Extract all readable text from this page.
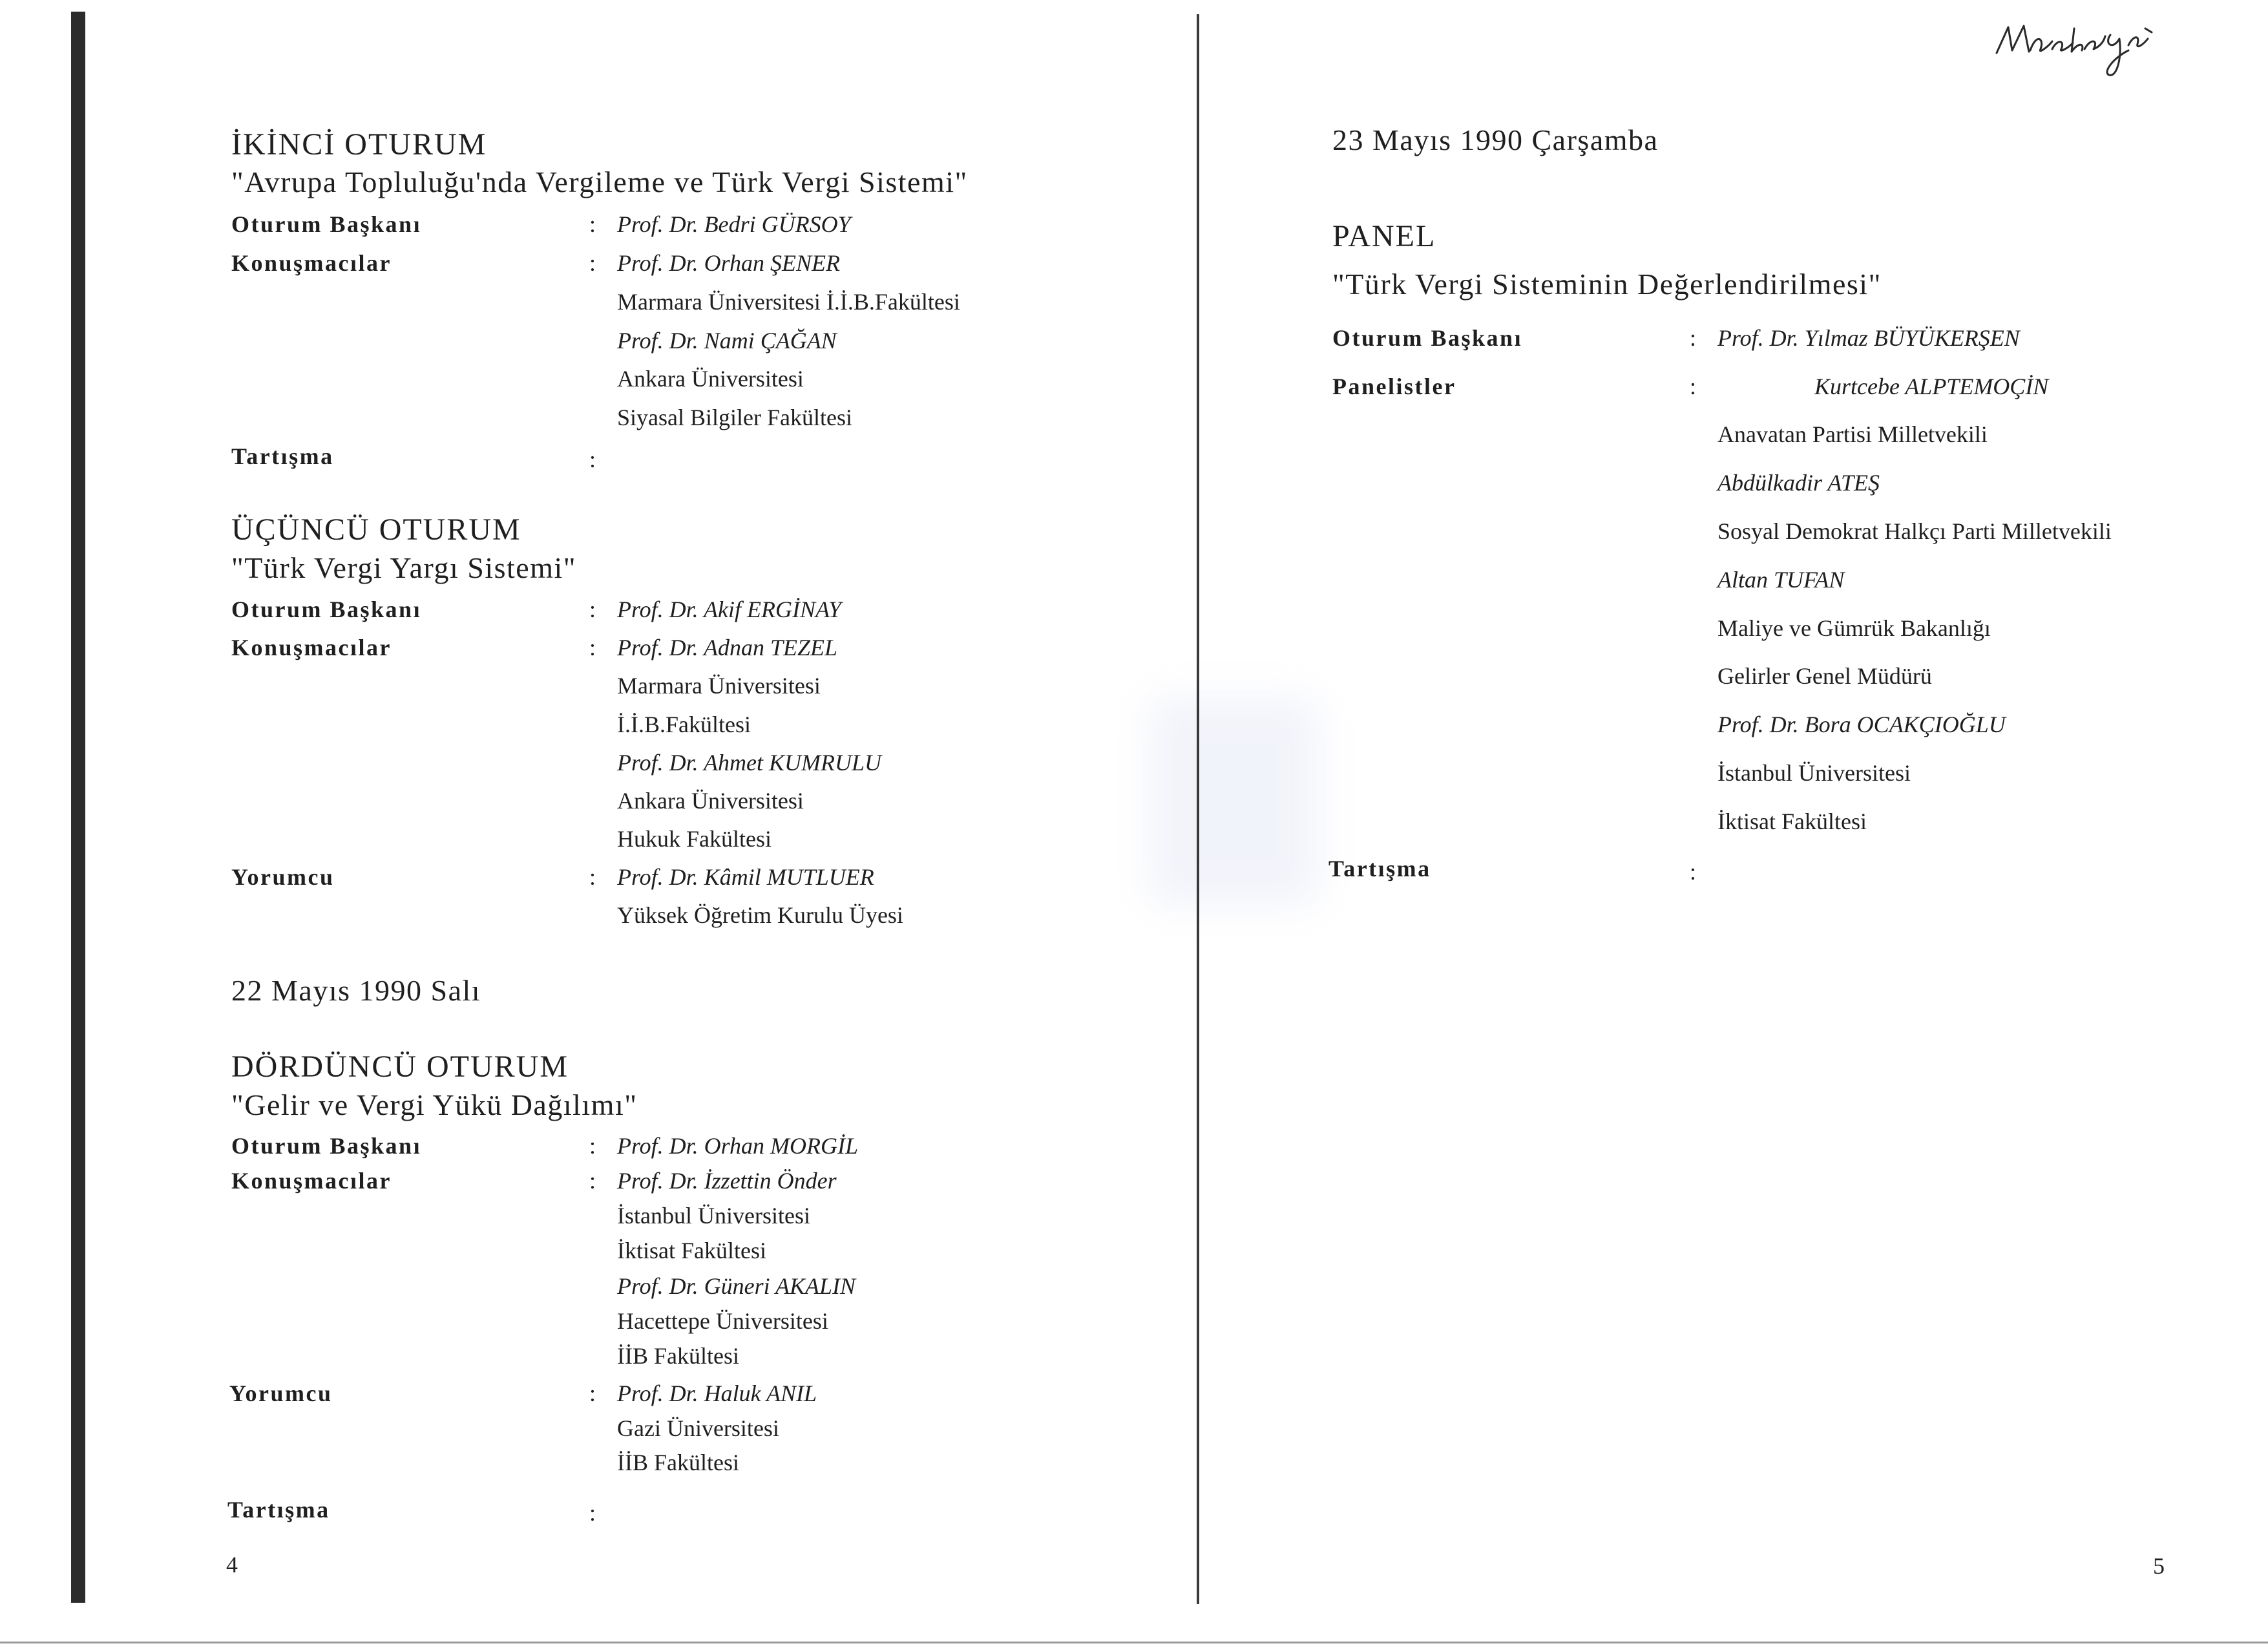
İKİNCİ OTURUM
"Avrupa Topluluğu'nda Vergileme ve Türk Vergi Sistemi"
Oturum Başkanı	: Prof. Dr. Bedri GÜRSOY
Konuşmacılar	: Prof. Dr. Orhan ŞENER
Marmara Üniversitesi İ.İ.B.Fakültesi
Prof. Dr. Nami ÇAĞAN
Ankara Üniversitesi
Siyasal Bilgiler Fakültesi
Tartışma	:
ÜÇÜNCÜ OTURUM
"Türk Vergi Yargı Sistemi"
Oturum Başkanı	: Prof. Dr. Akif ERGİNAY
Konuşmacılar	: Prof. Dr. Adnan TEZEL
Marmara Üniversitesi
İ.İ.B.Fakültesi
Prof. Dr. Ahmet KUMRULU
Ankara Üniversitesi
Hukuk Fakültesi
Yorumcu	: Prof. Dr. Kâmil MUTLUER
Yüksek Öğretim Kurulu Üyesi
22 Mayıs 1990 Salı
DÖRDÜNCÜ OTURUM
"Gelir ve Vergi Yükü Dağılımı"
Oturum Başkanı	: Prof. Dr. Orhan MORGİL
Konuşmacılar	: Prof. Dr. İzzettin Önder
İstanbul Üniversitesi
İktisat Fakültesi
Prof. Dr. Güneri AKALIN
Hacettepe Üniversitesi
İİB Fakültesi
Yorumcu	: Prof. Dr. Haluk ANIL
Gazi Üniversitesi
İİB Fakültesi
Tartışma	:
4
23 Mayıs 1990 Çarşamba
PANEL
"Türk Vergi Sisteminin Değerlendirilmesi"
Oturum Başkanı	: Prof. Dr. Yılmaz BÜYÜKERŞEN
Panelistler	:	Kurtcebe ALPTEMOÇİN
Anavatan Partisi Milletvekili
Abdülkadir ATEŞ
Sosyal Demokrat Halkçı Parti Milletvekili
Altan TUFAN
Maliye ve Gümrük Bakanlığı
Gelirler Genel Müdürü
Prof. Dr. Bora OCAKÇIOĞLU
İstanbul Üniversitesi
İktisat Fakültesi
Tartışma	:
5
